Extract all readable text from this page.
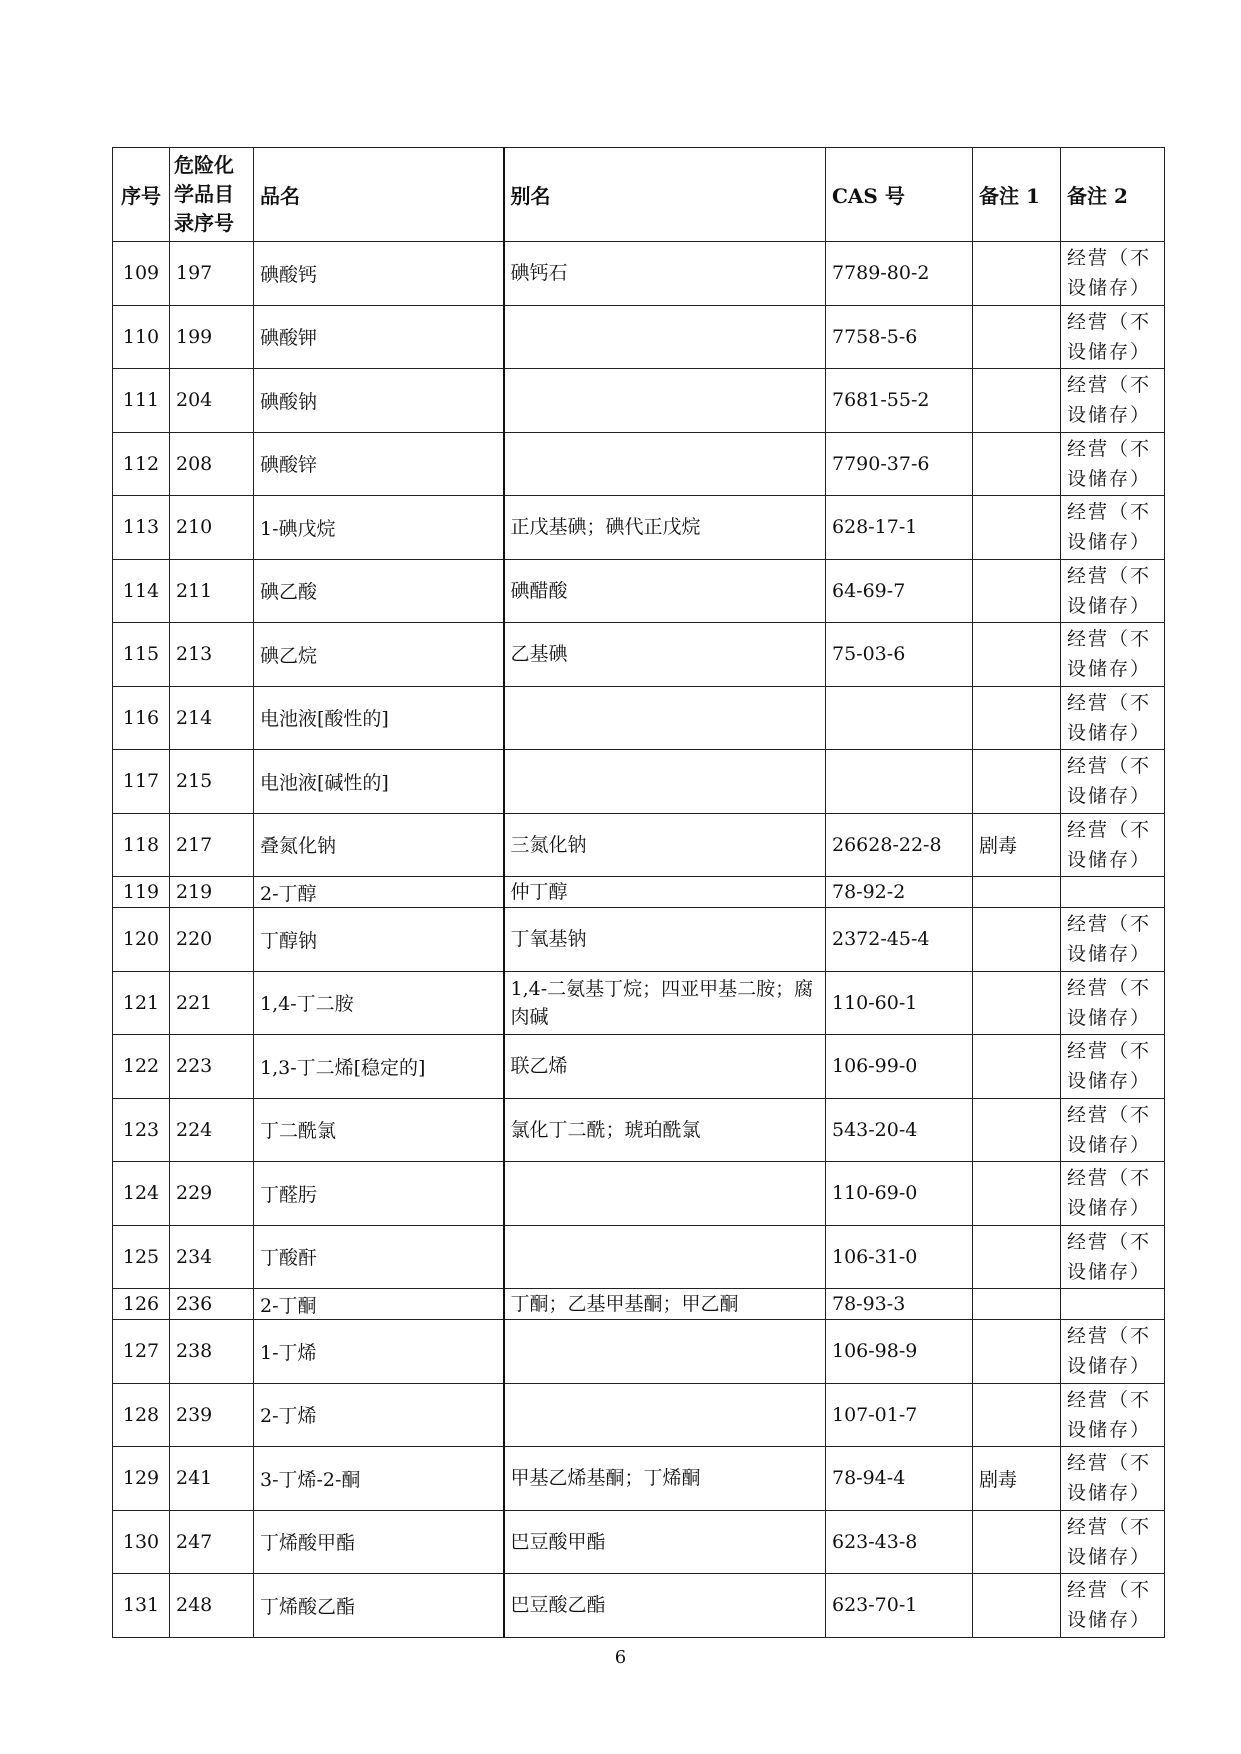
序号	危险化学品目录序号	品名	别名	CAS 号	备注 1	备注 2
109	197	碘酸钙	碘钙石	7789-80-2		经营（不设储存）
110	199	碘酸钾		7758-5-6		经营（不设储存）
111	204	碘酸钠		7681-55-2		经营（不设储存）
112	208	碘酸锌		7790-37-6		经营（不设储存）
113	210	1-碘戊烷	正戊基碘；碘代正戊烷	628-17-1		经营（不设储存）
114	211	碘乙酸	碘醋酸	64-69-7		经营（不设储存）
115	213	碘乙烷	乙基碘	75-03-6		经营（不设储存）
116	214	电池液[酸性的]				经营（不设储存）
117	215	电池液[碱性的]				经营（不设储存）
118	217	叠氮化钠	三氮化钠	26628-22-8	剧毒	经营（不设储存）
119	219	2-丁醇	仲丁醇	78-92-2		
120	220	丁醇钠	丁氧基钠	2372-45-4		经营（不设储存）
121	221	1,4-丁二胺	1,4-二氨基丁烷；四亚甲基二胺；腐肉碱	110-60-1		经营（不设储存）
122	223	1,3-丁二烯[稳定的]	联乙烯	106-99-0		经营（不设储存）
123	224	丁二酰氯	氯化丁二酰；琥珀酰氯	543-20-4		经营（不设储存）
124	229	丁醛肟		110-69-0		经营（不设储存）
125	234	丁酸酐		106-31-0		经营（不设储存）
126	236	2-丁酮	丁酮；乙基甲基酮；甲乙酮	78-93-3		
127	238	1-丁烯		106-98-9		经营（不设储存）
128	239	2-丁烯		107-01-7		经营（不设储存）
129	241	3-丁烯-2-酮	甲基乙烯基酮；丁烯酮	78-94-4	剧毒	经营（不设储存）
130	247	丁烯酸甲酯	巴豆酸甲酯	623-43-8		经营（不设储存）
131	248	丁烯酸乙酯	巴豆酸乙酯	623-70-1		经营（不设储存）
6
